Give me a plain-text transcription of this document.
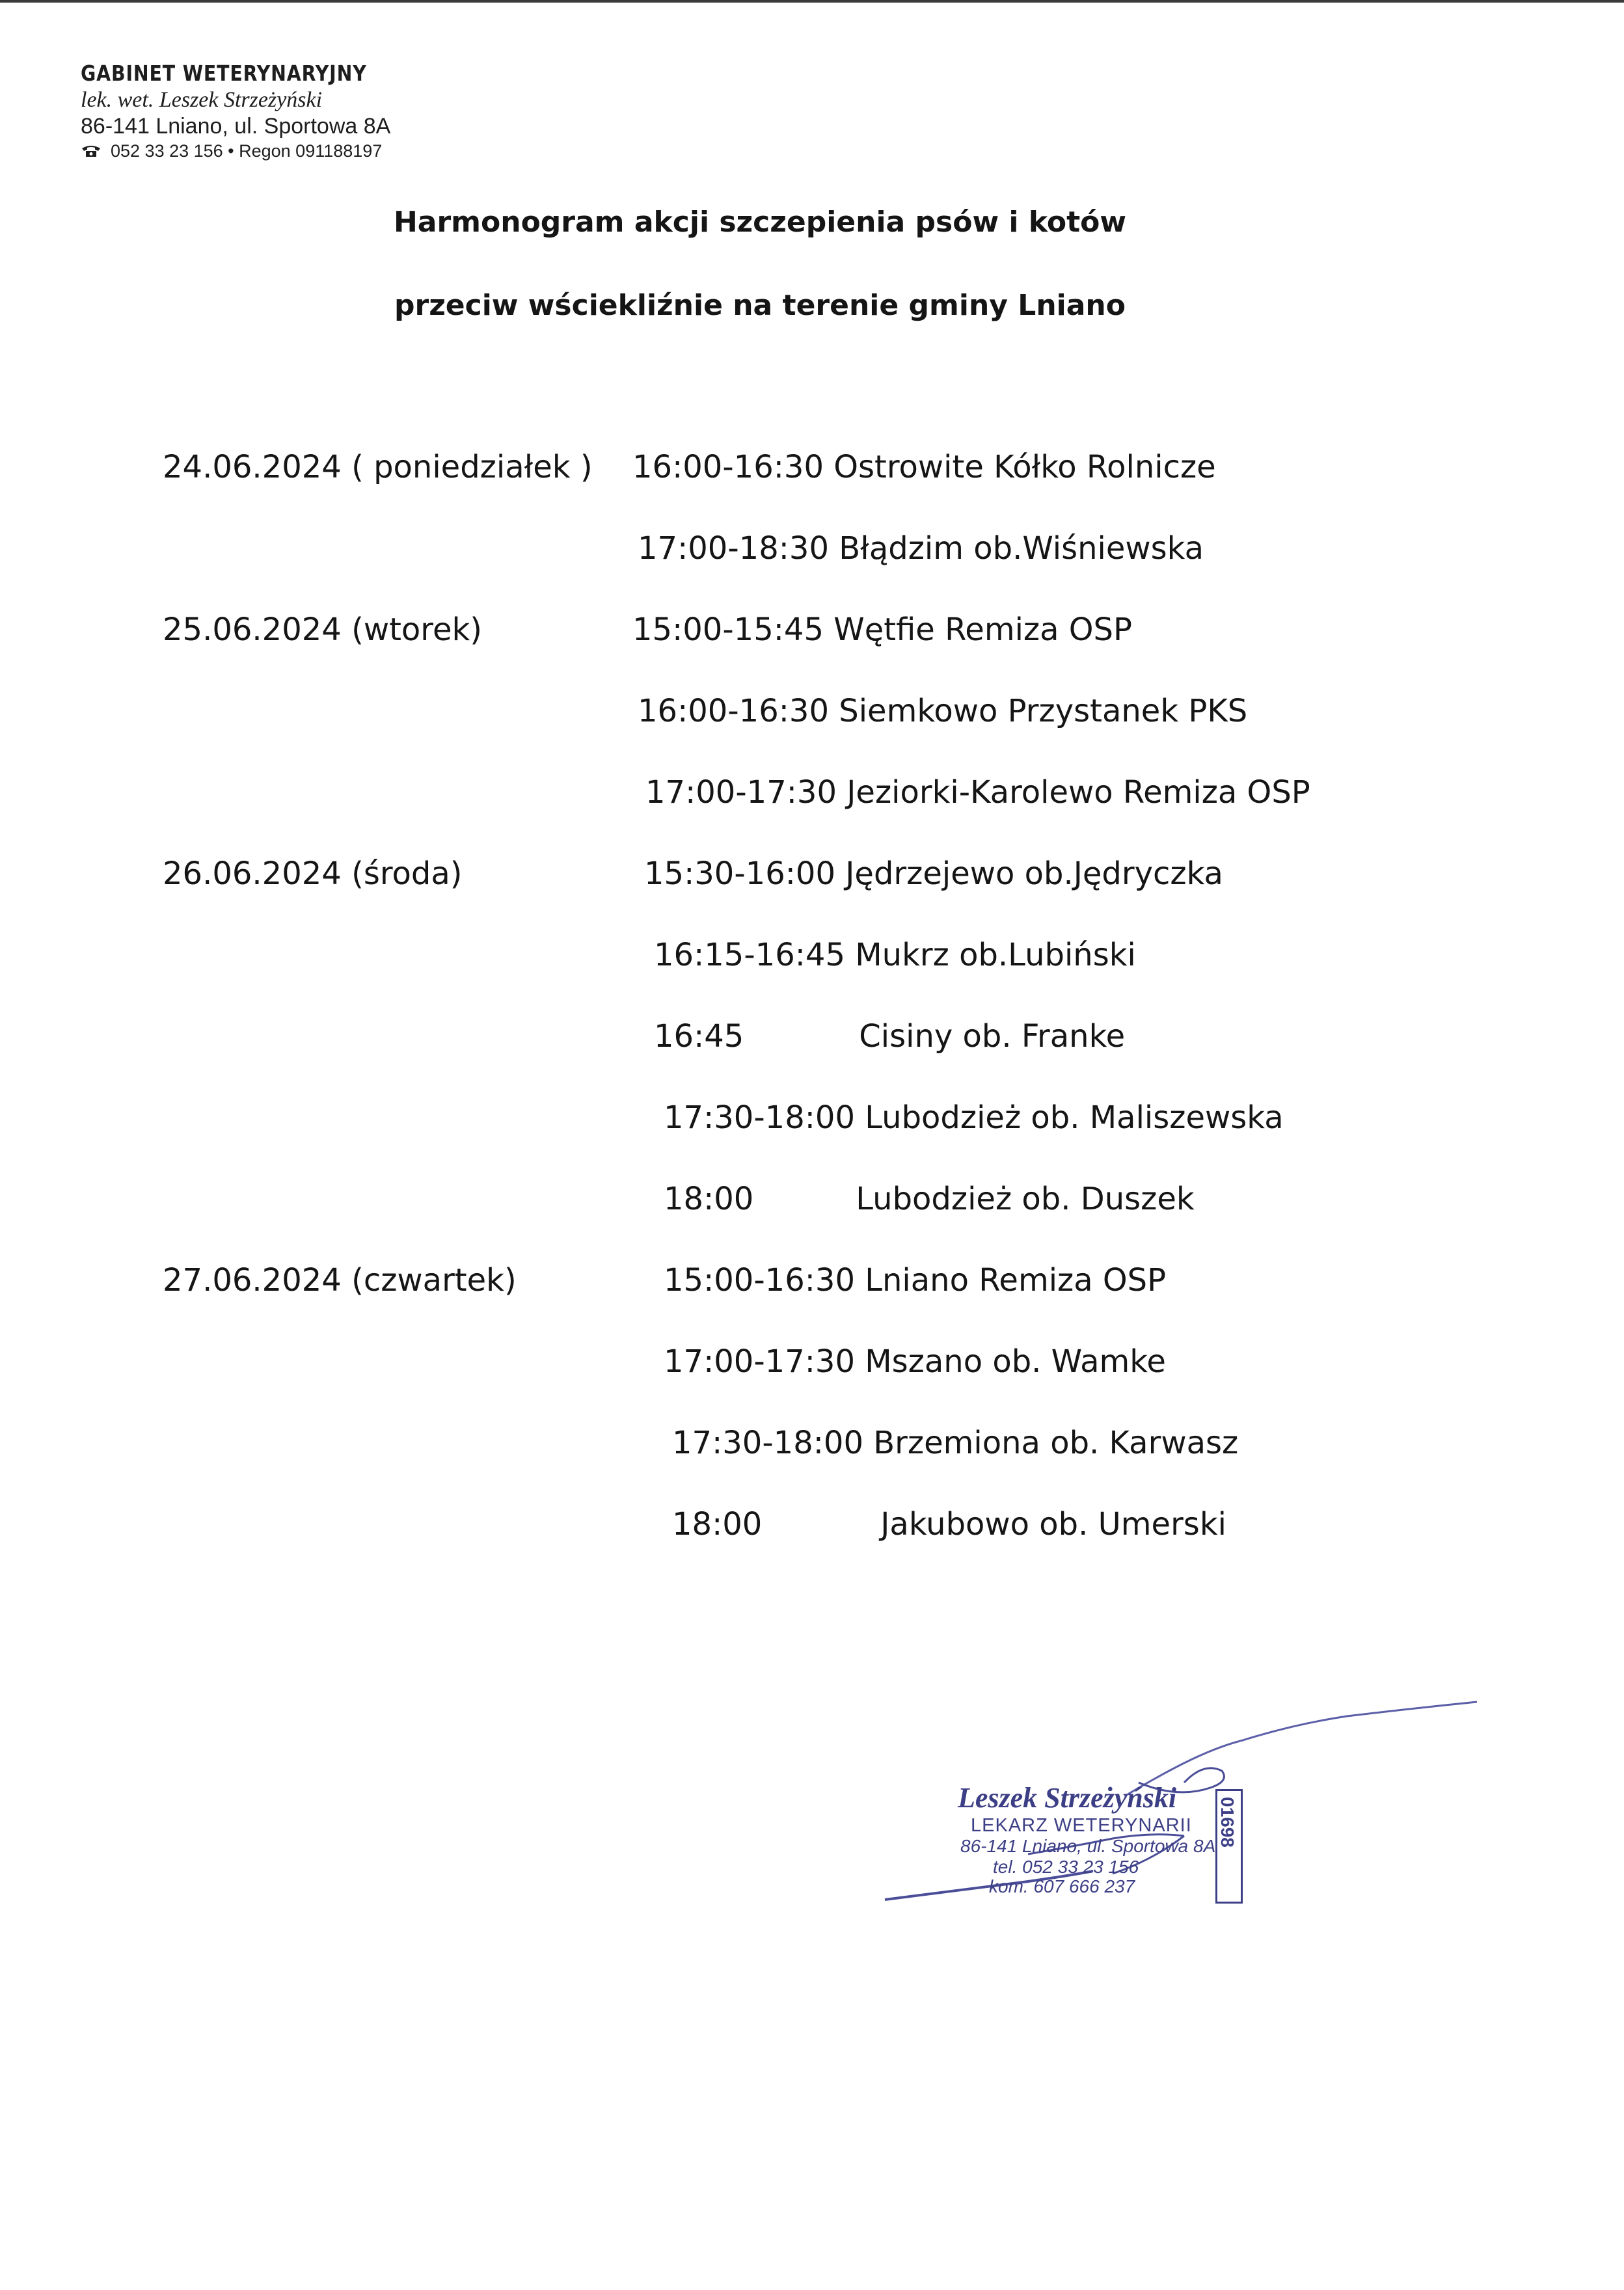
GABINET WETERYNARYJNY
lek. wet. Leszek Strzeżyński
86-141 Lniano, ul. Sportowa 8A
052 33 23 156 • Regon 091188197
Harmonogram akcji szczepienia psów i kotów
przeciw wściekliźnie na terenie gminy Lniano
24.06.2024 ( poniedziałek ) 16:00-16:30 Ostrowite Kółko Rolnicze
17:00-18:30 Błądzim ob.Wiśniewska
25.06.2024 (wtorek)	15:00-15:45 Wętfie Remiza OSP
16:00-16:30 Siemkowo Przystanek PKS
17:00-17:30 Jeziorki-Karolewo Remiza OSP
26.06.2024 (środa)	15:30-16:00 Jędrzejewo ob.Jędryczka
16:15-16:45 Mukrz ob.Lubiński
16:45	Cisiny ob. Franke
17:30-18:00 Lubodzież ob. Maliszewska
18:00	Lubodzież ob. Duszek
27.06.2024 (czwartek)	15:00-16:30 Lniano Remiza OSP
17:00-17:30 Mszano ob. Wamke
17:30-18:00 Brzemiona ob. Karwasz
18:00	Jakubowo ob. Umerski
Leszek Strzeżyński
LEKARZ WETERYNARII
86-141 Lniano, ul. Sportowa 8A
tel. 052 33 23 156
kom. 607 666 237
01698
